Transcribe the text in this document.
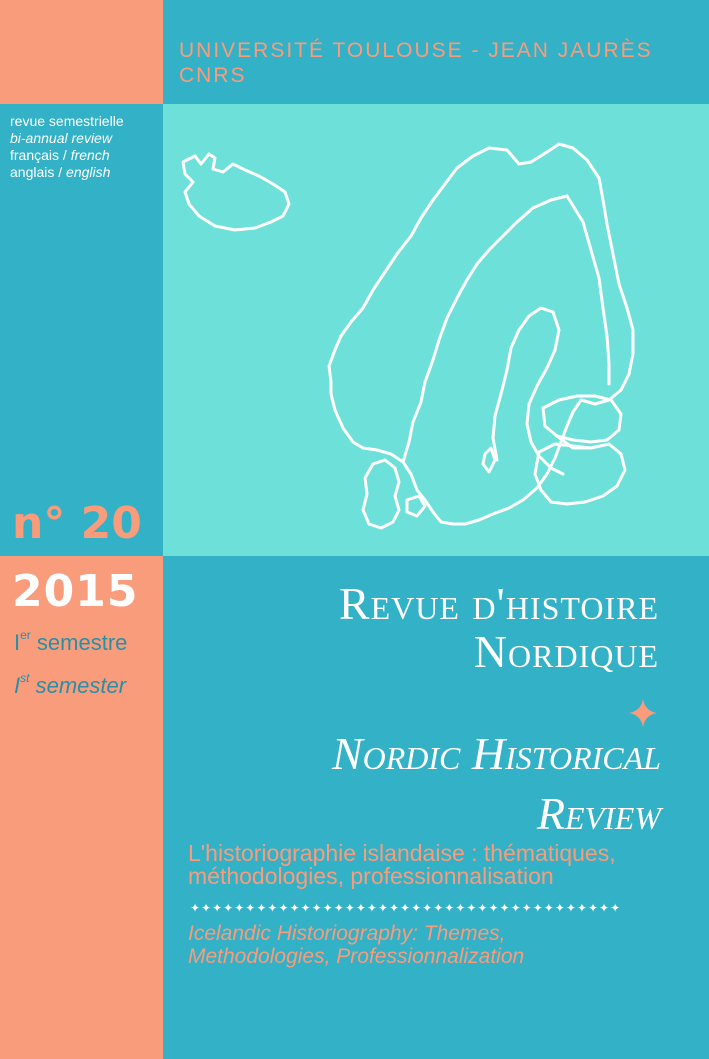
UNIVERSITÉ TOULOUSE - JEAN JAURÈS
CNRS
revue semestrielle
bi-annual review
français / french
anglais / english
n° 20
2015
Ier semestre
Ist semester
Revue d'histoire
Nordique
Nordic Historical
Review
L'historiographie islandaise : thématiques,
méthodologies, professionnalisation
✦✦✦✦✦✦✦✦✦✦✦✦✦✦✦✦✦✦✦✦✦✦✦✦✦✦✦✦✦✦✦✦✦✦✦✦✦✦✦
Icelandic Historiography: Themes,
Methodologies, Professionnalization
